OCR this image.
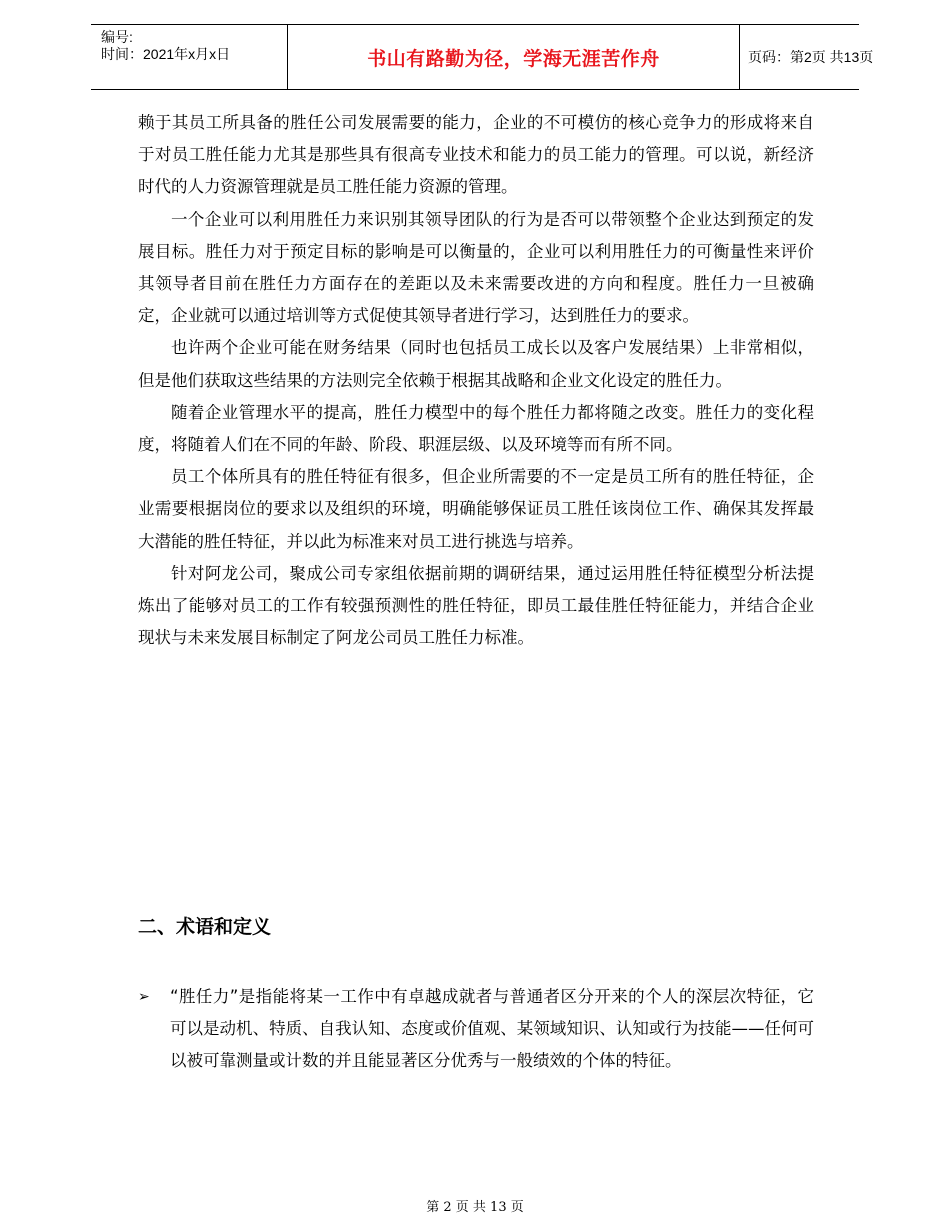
编号:
时间：2021年x月x日	书山有路勤为径，学海无涯苦作舟	页码：第2页 共13页

赖于其员工所具备的胜任公司发展需要的能力，企业的不可模仿的核心竞争力的形成将来自于对员工胜任能力尤其是那些具有很高专业技术和能力的员工能力的管理。可以说，新经济时代的人力资源管理就是员工胜任能力资源的管理。

一个企业可以利用胜任力来识别其领导团队的行为是否可以带领整个企业达到预定的发展目标。胜任力对于预定目标的影响是可以衡量的，企业可以利用胜任力的可衡量性来评价其领导者目前在胜任力方面存在的差距以及未来需要改进的方向和程度。胜任力一旦被确定，企业就可以通过培训等方式促使其领导者进行学习，达到胜任力的要求。

也许两个企业可能在财务结果（同时也包括员工成长以及客户发展结果）上非常相似，但是他们获取这些结果的方法则完全依赖于根据其战略和企业文化设定的胜任力。

随着企业管理水平的提高，胜任力模型中的每个胜任力都将随之改变。胜任力的变化程度，将随着人们在不同的年龄、阶段、职涯层级、以及环境等而有所不同。

员工个体所具有的胜任特征有很多，但企业所需要的不一定是员工所有的胜任特征，企业需要根据岗位的要求以及组织的环境，明确能够保证员工胜任该岗位工作、确保其发挥最大潜能的胜任特征，并以此为标准来对员工进行挑选与培养。

针对阿龙公司，聚成公司专家组依据前期的调研结果，通过运用胜任特征模型分析法提炼出了能够对员工的工作有较强预测性的胜任特征，即员工最佳胜任特征能力，并结合企业现状与未来发展目标制定了阿龙公司员工胜任力标准。

二、术语和定义
➢ “胜任力”是指能将某一工作中有卓越成就者与普通者区分开来的个人的深层次特征，它可以是动机、特质、自我认知、态度或价值观、某领域知识、认知或行为技能——任何可以被可靠测量或计数的并且能显著区分优秀与一般绩效的个体的特征。
第 2 页 共 13 页
